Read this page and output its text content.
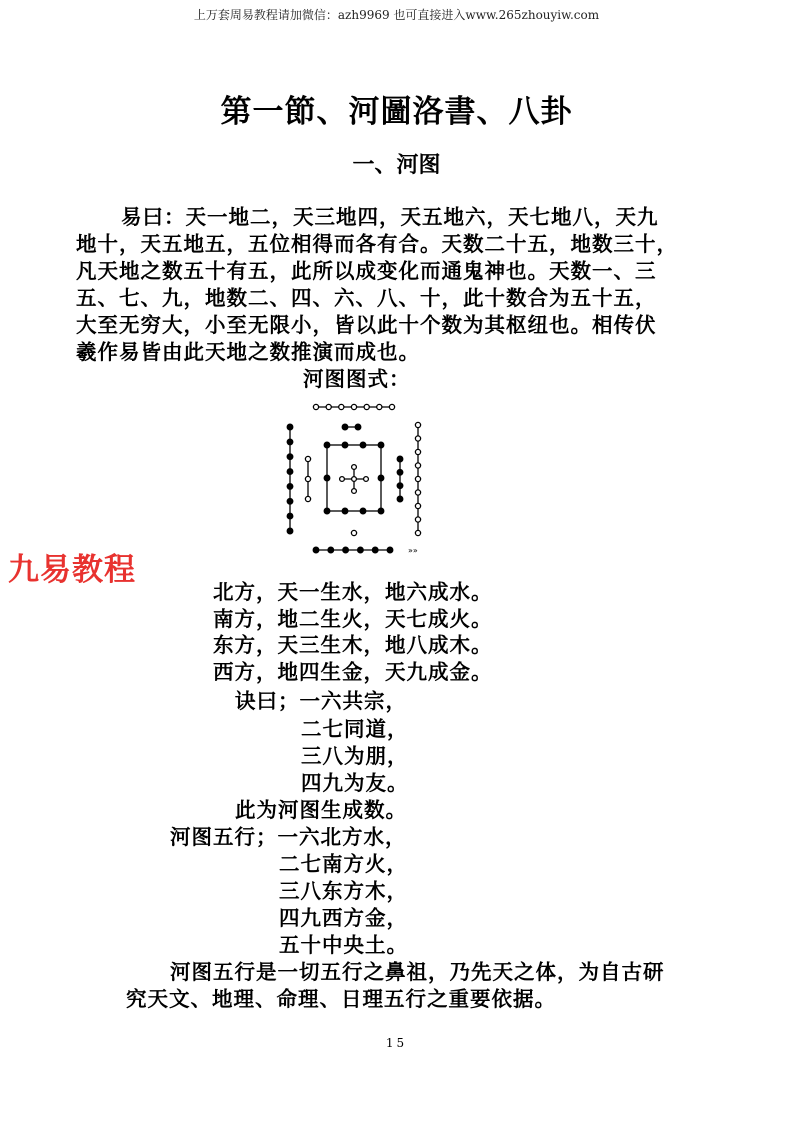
上万套周易教程请加微信：azh9969 也可直接进入www.265zhouyiw.com
第一節、河圖洛書、八卦
一、河图
易曰：天一地二，天三地四，天五地六，天七地八，天九
地十，天五地五，五位相得而各有合。天数二十五，地数三十，
凡天地之数五十有五，此所以成变化而通鬼神也。天数一、三
五、七、九，地数二、四、六、八、十，此十数合为五十五，
大至无穷大，小至无限小，皆以此十个数为其枢纽也。相传伏
羲作易皆由此天地之数推演而成也。
河图图式：
»»
九易教程
北方，天一生水，地六成水。
南方，地二生火，天七成火。
东方，天三生木，地八成木。
西方，地四生金，天九成金。
诀曰；一六共宗，
二七同道，
三八为朋，
四九为友。
此为河图生成数。
河图五行；一六北方水，
二七南方火，
三八东方木，
四九西方金，
五十中央土。
河图五行是一切五行之鼻祖，乃先天之体，为自古研
究天文、地理、命理、日理五行之重要依据。
15
